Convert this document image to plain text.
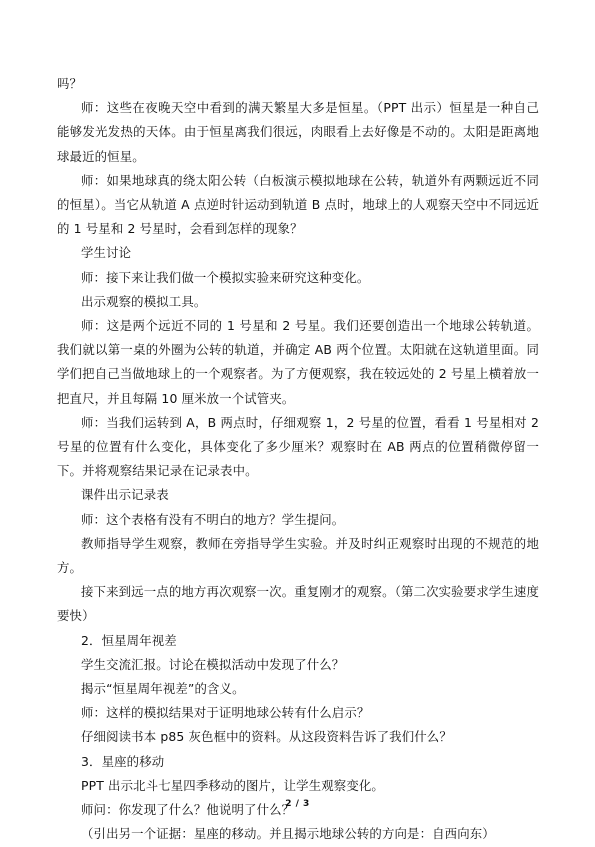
吗？

师：这些在夜晚天空中看到的满天繁星大多是恒星。（PPT 出示）恒星是一种自己能够发光发热的天体。由于恒星离我们很远，肉眼看上去好像是不动的。太阳是距离地球最近的恒星。

师：如果地球真的绕太阳公转（白板演示模拟地球在公转，轨道外有两颗远近不同的恒星）。当它从轨道 A 点逆时针运动到轨道 B 点时，地球上的人观察天空中不同远近的 1 号星和 2 号星时，会看到怎样的现象？

学生讨论

师：接下来让我们做一个模拟实验来研究这种变化。

出示观察的模拟工具。

师：这是两个远近不同的 1 号星和 2 号星。我们还要创造出一个地球公转轨道。我们就以第一桌的外圈为公转的轨道，并确定 AB 两个位置。太阳就在这轨道里面。同学们把自己当做地球上的一个观察者。为了方便观察，我在较远处的 2 号星上横着放一把直尺，并且每隔 10 厘米放一个试管夹。

师：当我们运转到 A，B 两点时，仔细观察 1，2 号星的位置，看看 1 号星相对 2 号星的位置有什么变化，具体变化了多少厘米？观察时在 AB 两点的位置稍微停留一下。并将观察结果记录在记录表中。

课件出示记录表

师：这个表格有没有不明白的地方？学生提问。

教师指导学生观察，教师在旁指导学生实验。并及时纠正观察时出现的不规范的地方。

接下来到远一点的地方再次观察一次。重复刚才的观察。（第二次实验要求学生速度要快）

2．恒星周年视差

学生交流汇报。讨论在模拟活动中发现了什么？

揭示“恒星周年视差”的含义。

师：这样的模拟结果对于证明地球公转有什么启示？

仔细阅读书本 p85 灰色框中的资料。从这段资料告诉了我们什么？

3．星座的移动

PPT 出示北斗七星四季移动的图片，让学生观察变化。

师问：你发现了什么？他说明了什么？

（引出另一个证据：星座的移动。并且揭示地球公转的方向是：自西向东）

2 / 3
